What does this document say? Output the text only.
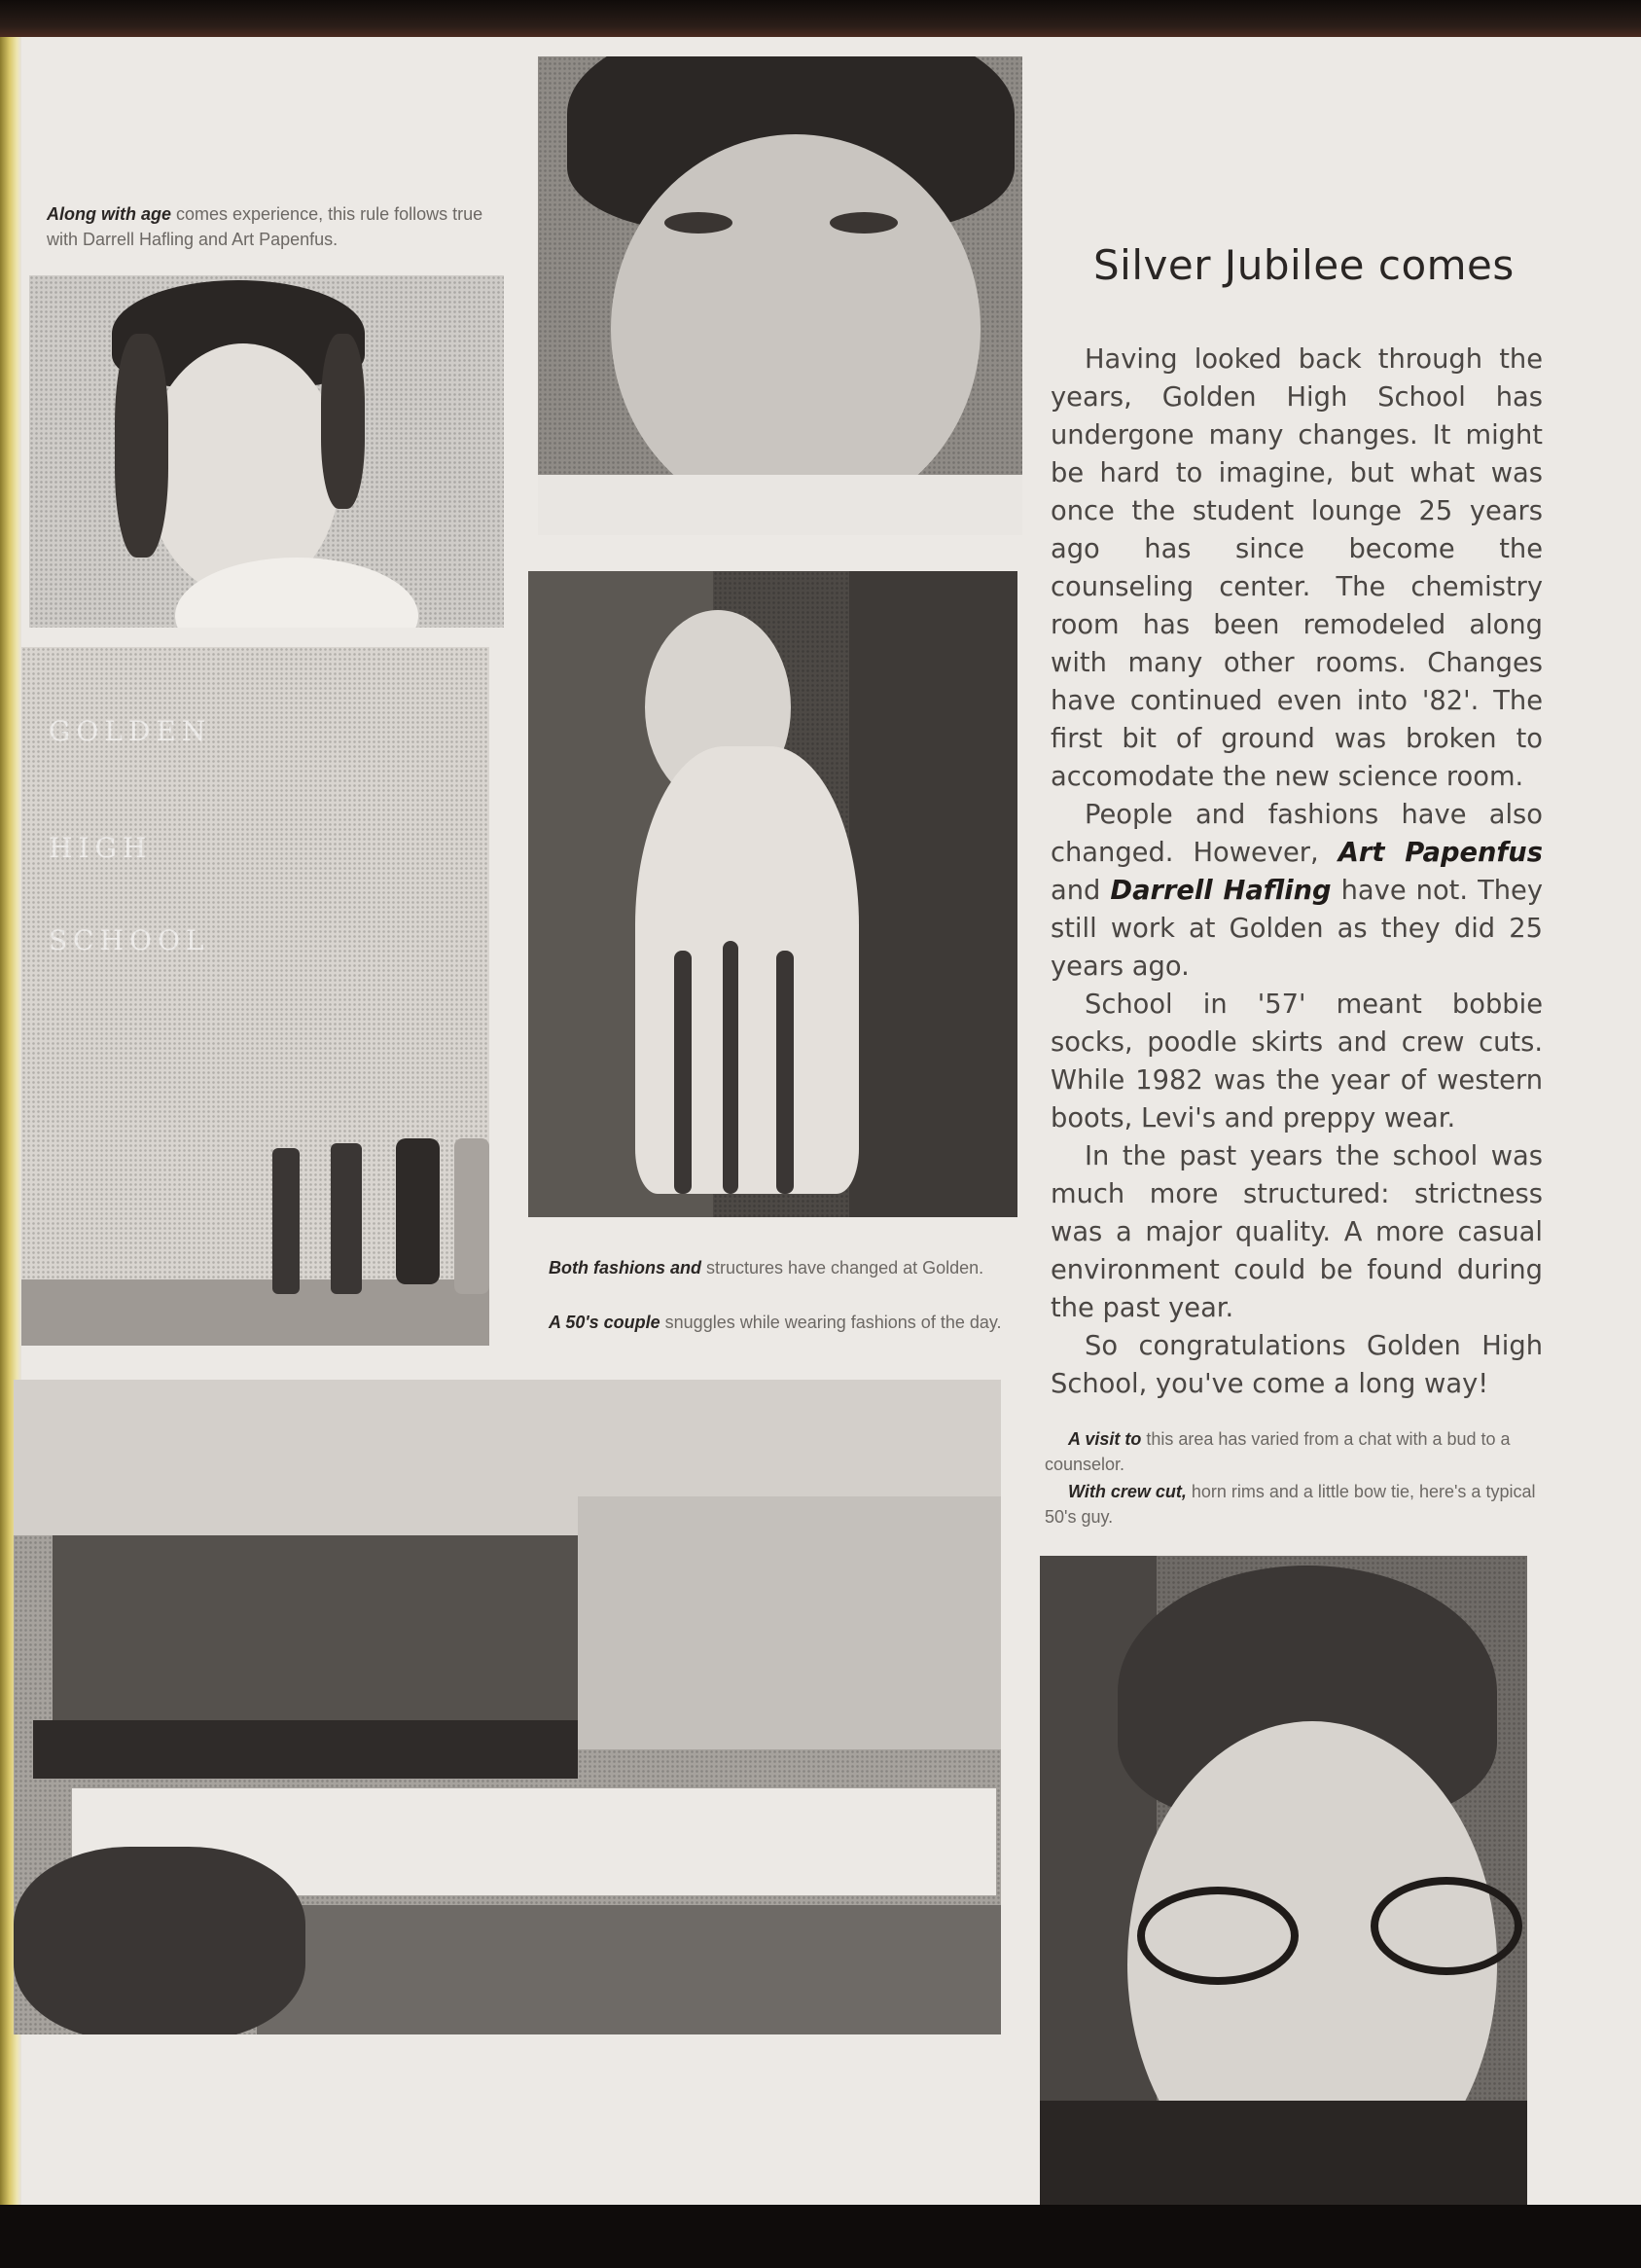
Along with age comes experience, this rule follows true with Darrell Hafling and Art Papenfus.
GOLDEN
HIGH
SCHOOL
Both fashions and structures have changed at Golden.
A 50's couple snuggles while wearing fashions of the day.
Silver Jubilee comes

Having looked back through the years, Golden High School has undergone many changes. It might be hard to imagine, but what was once the student lounge 25 years ago has since become the counseling center. The chemistry room has been remodeled along with many other rooms. Changes have continued even into '82'. The first bit of ground was broken to accomodate the new science room.

People and fashions have also changed. However, Art Papenfus and Darrell Hafling have not. They still work at Golden as they did 25 years ago.

School in '57' meant bobbie socks, poodle skirts and crew cuts. While 1982 was the year of western boots, Levi's and preppy wear.

In the past years the school was much more structured: strictness was a major quality. A more casual environment could be found during the past year.

So congratulations Golden High School, you've come a long way!

A visit to this area has varied from a chat with a bud to a counselor.
With crew cut, horn rims and a little bow tie, here's a typical 50's guy.
